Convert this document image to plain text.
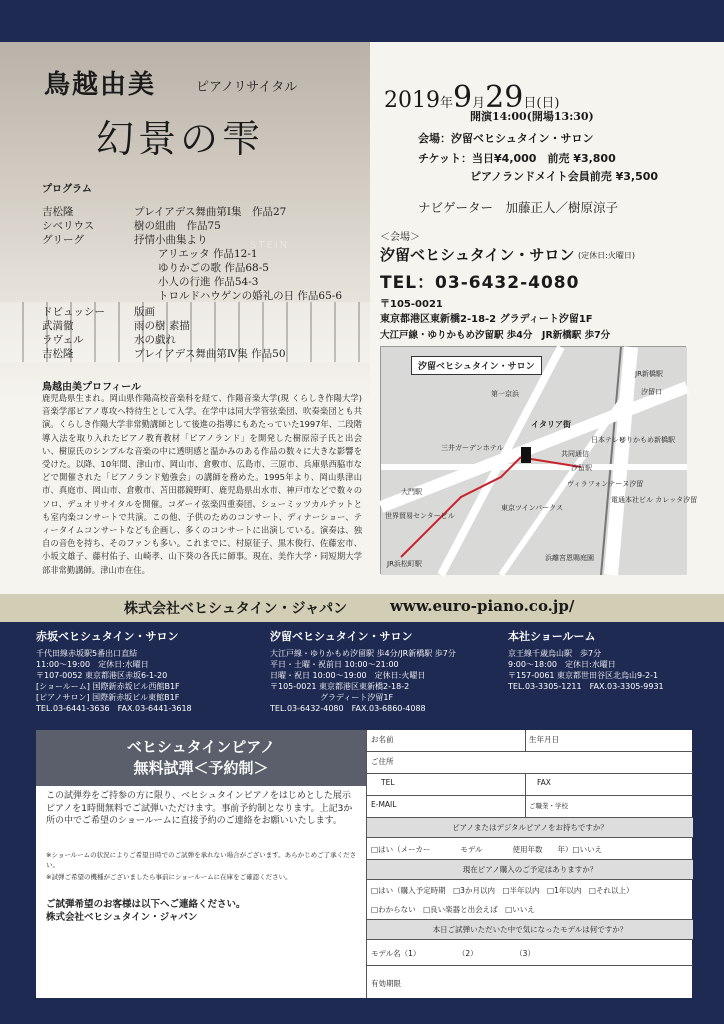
STEIN
鳥越由美	ピアノリサイタル
幻景の雫
プログラム
吉松隆	プレイアデス舞曲第Ⅰ集　作品27
シベリウス	樹の組曲　作品75
グリーグ	抒情小曲集より
アリエッタ 作品12-1
ゆりかごの歌 作品68-5
小人の行進 作品54-3
トロルドハウゲンの婚礼の日 作品65-6
ドビュッシー	版画
武満徹	雨の樹 素描
ラヴェル	水の戯れ
吉松隆	プレイアデス舞曲第Ⅳ集 作品50
鳥越由美プロフィール
鹿児島県生まれ。岡山県作陽高校音楽科を経て、作陽音楽大学(現 くらしき作陽大学)音楽学部ピアノ専攻へ特待生として入学。在学中は同大学管弦楽団、吹奏楽団とも共演。くらしき作陽大学非常勤講師として後進の指導にもあたっていた1997年、二段階導入法を取り入れたピアノ教育教材「ピアノランド」を開発した樹原涼子氏と出会い、樹原氏のシンプルな音楽の中に透明感と温かみのある作品の数々に大きな影響を受けた。以降、10年間、津山市、岡山市、倉敷市、広島市、三原市、兵庫県西脇市などで開催された「ピアノランド勉強会」の講師を務めた。1995年より、岡山県津山市、真庭市、岡山市、倉敷市、苫田郡鏡野町、鹿児島県出水市、神戸市などで数々のソロ、デュオリサイタルを開催。コダーイ弦楽四重奏団、シューミッツカルテットとも室内楽コンサートで共演。この他、子供のためのコンサート、ディナーショー、ティータイムコンサートなども企画し、多くのコンサートに出演している。演奏は、独自の音色を持ち、そのファンも多い。これまでに、村原征子、黒木俊行、佐藤宏市、小坂文雄子、藤村佑子、山崎孝、山下葵の各氏に師事。現在、美作大学・同短期大学部非常勤講師。津山市在住。
2019年9月29日(日)
開演14:00(開場13:30)
会場：汐留ベヒシュタイン・サロン
チケット：当日¥4,000　前売 ¥3,800
ピアノランドメイト会員前売 ¥3,500
ナビゲーター　加藤正人／樹原涼子
＜会場＞
汐留ベヒシュタイン・サロン (定休日:火曜日)
TEL：03-6432-4080
〒105-0021
東京都港区東新橋2-18-2 グラディート汐留1F
大江戸線・ゆりかもめ汐留駅 歩4分　JR新橋駅 歩7分
汐留ベヒシュタイン・サロン
第一京浜
JR新橋駅
汐留口
イタリア街
三井ガーデンホテル
日本テレビ
ゆりかもめ新橋駅
共同通信
汐留駅
ヴィラフォンテーヌ汐留
大門駅
東京ツインパークス
電通本社ビル カレッタ汐留
世界貿易センタービル
浜離宮恩賜庭園
JR浜松町駅
株式会社ベヒシュタイン・ジャパン	www.euro-piano.co.jp/
赤坂ベヒシュタイン・サロン

千代田線赤坂駅5番出口直結

11:00～19:00　定休日:水曜日

〒107-0052 東京都港区赤坂6-1-20

[ショールーム] 国際新赤坂ビル西館B1F

[ピアノサロン] 国際新赤坂ビル東館B1F

TEL.03-6441-3636　FAX.03-6441-3618

汐留ベヒシュタイン・サロン

大江戸線・ゆりかもめ汐留駅 歩4分/JR新橋駅 歩7分

平日・土曜・祝前日 10:00～21:00

日曜・祝日 10:00～19:00　定休日:火曜日

〒105-0021 東京都港区東新橋2-18-2

グラディート汐留1F

TEL.03-6432-4080　FAX.03-6860-4088

本社ショールーム

京王線千歳烏山駅　歩7分

9:00～18:00　定休日:水曜日

〒157-0061 東京都世田谷区北烏山9-2-1

TEL.03-3305-1211　FAX.03-3305-9931

ベヒシュタインピアノ
無料試弾＜予約制＞
この試弾券をご持参の方に限り、ベヒシュタインピアノをはじめとした展示ピアノを1時間無料でご試弾いただけます。事前予約制となります。上記3か所の中でご希望のショールームに直接予約のご連絡をお願いいたします。
※ショールームの状況によりご希望日時でのご試弾を承れない場合がございます。あらかじめご了承ください。
※試弾ご希望の機種がございましたら事前にショールームに在庫をご確認ください。
ご試弾希望のお客様は以下へご連絡ください。
株式会社ベヒシュタイン・ジャパン
お名前	生年月日
ご住所
TEL	FAX
E-MAIL	ご職業・学校
ピアノまたはデジタルピアノをお持ちですか？
□はい（メーカー　　　　モデル　　　　使用年数　　年）□いいえ
現在ピアノ購入のご予定はありますか？
□はい（購入予定時期　□3か月以内　□半年以内　□1年以内　□それ以上）
□わからない　□良い楽器と出会えば　□いいえ
本日ご試弾いただいた中で気になったモデルは何ですか？
モデル名（1）　　　　　　（2）　　　　　　（3）
有効期限
